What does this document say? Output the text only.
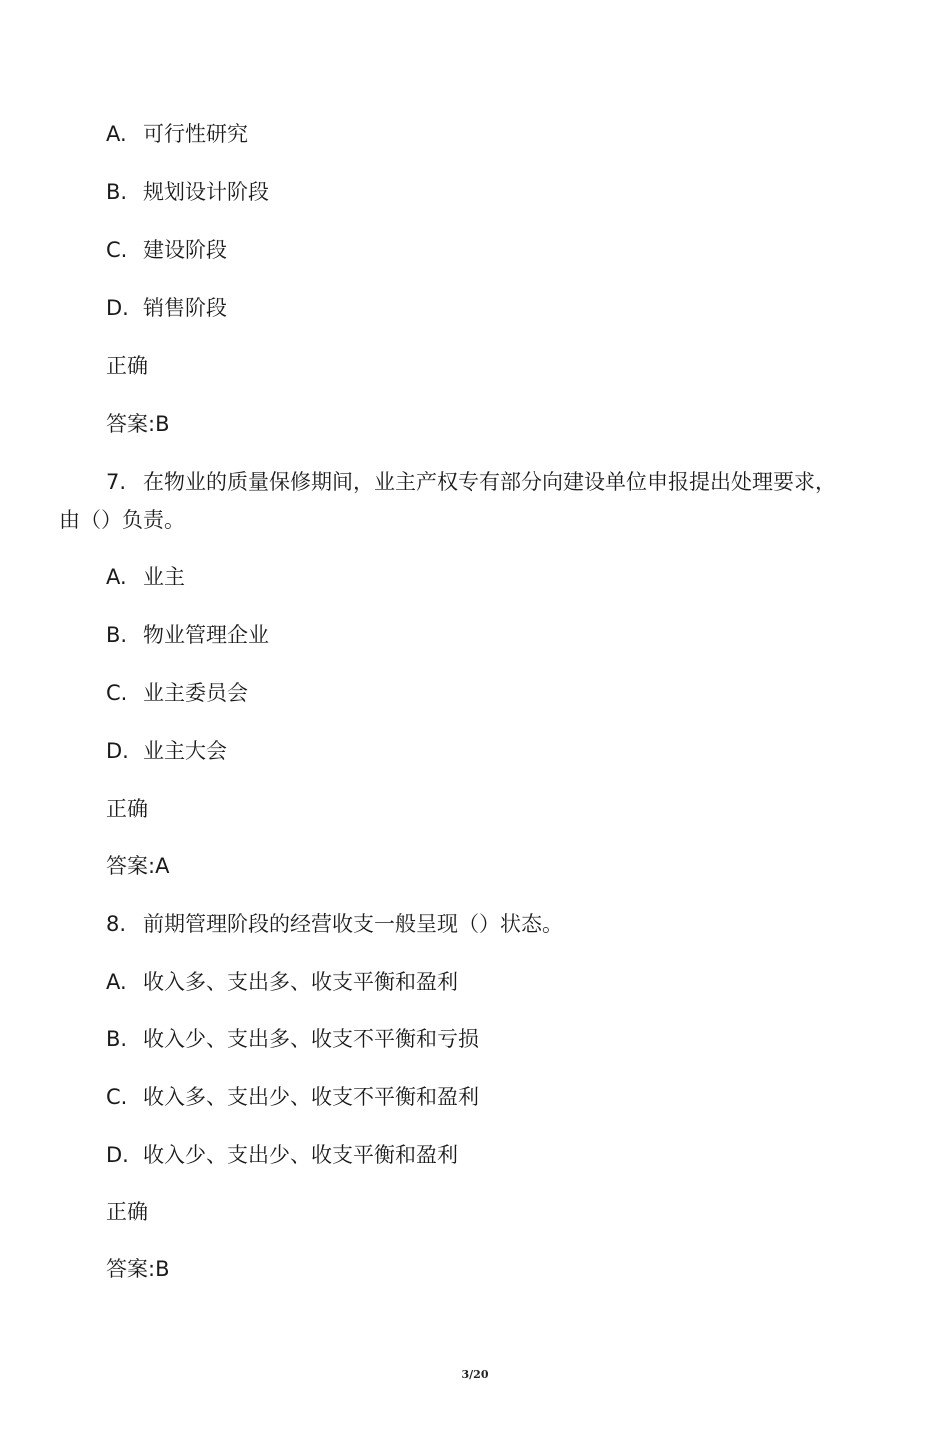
A. 可行性研究
B. 规划设计阶段
C. 建设阶段
D. 销售阶段
正确
答案:B
7. 在物业的质量保修期间，业主产权专有部分向建设单位申报提出处理要求，
由（）负责。
A. 业主
B. 物业管理企业
C. 业主委员会
D. 业主大会
正确
答案:A
8. 前期管理阶段的经营收支一般呈现（）状态。
A. 收入多、支出多、收支平衡和盈利
B. 收入少、支出多、收支不平衡和亏损
C. 收入多、支出少、收支不平衡和盈利
D. 收入少、支出少、收支平衡和盈利
正确
答案:B
3/20
